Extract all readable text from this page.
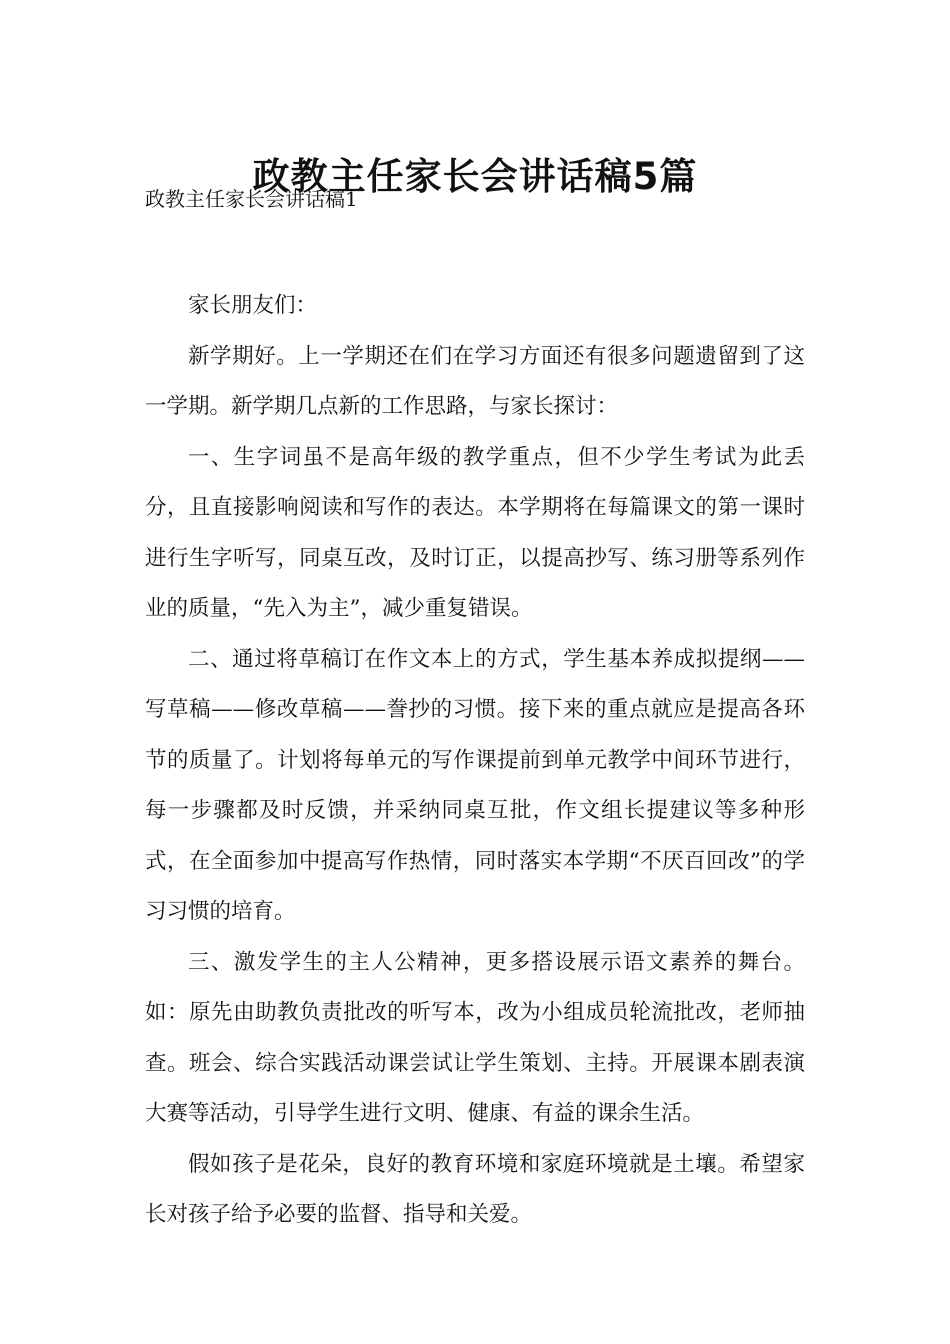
政教主任家长会讲话稿5篇
政教主任家长会讲话稿1

家长朋友们：

新学期好。上一学期还在们在学习方面还有很多问题遗留到了这一学期。新学期几点新的工作思路，与家长探讨：

一、生字词虽不是高年级的教学重点，但不少学生考试为此丢分，且直接影响阅读和写作的表达。本学期将在每篇课文的第一课时进行生字听写，同桌互改，及时订正，以提高抄写、练习册等系列作业的质量，“先入为主”，减少重复错误。

二、通过将草稿订在作文本上的方式，学生基本养成拟提纲——写草稿——修改草稿——誊抄的习惯。接下来的重点就应是提高各环节的质量了。计划将每单元的写作课提前到单元教学中间环节进行，每一步骤都及时反馈，并采纳同桌互批，作文组长提建议等多种形式，在全面参加中提高写作热情，同时落实本学期“不厌百回改”的学习习惯的培育。

三、激发学生的主人公精神，更多搭设展示语文素养的舞台。如：原先由助教负责批改的听写本，改为小组成员轮流批改，老师抽查。班会、综合实践活动课尝试让学生策划、主持。开展课本剧表演大赛等活动，引导学生进行文明、健康、有益的课余生活。

假如孩子是花朵，良好的教育环境和家庭环境就是土壤。希望家长对孩子给予必要的监督、指导和关爱。
